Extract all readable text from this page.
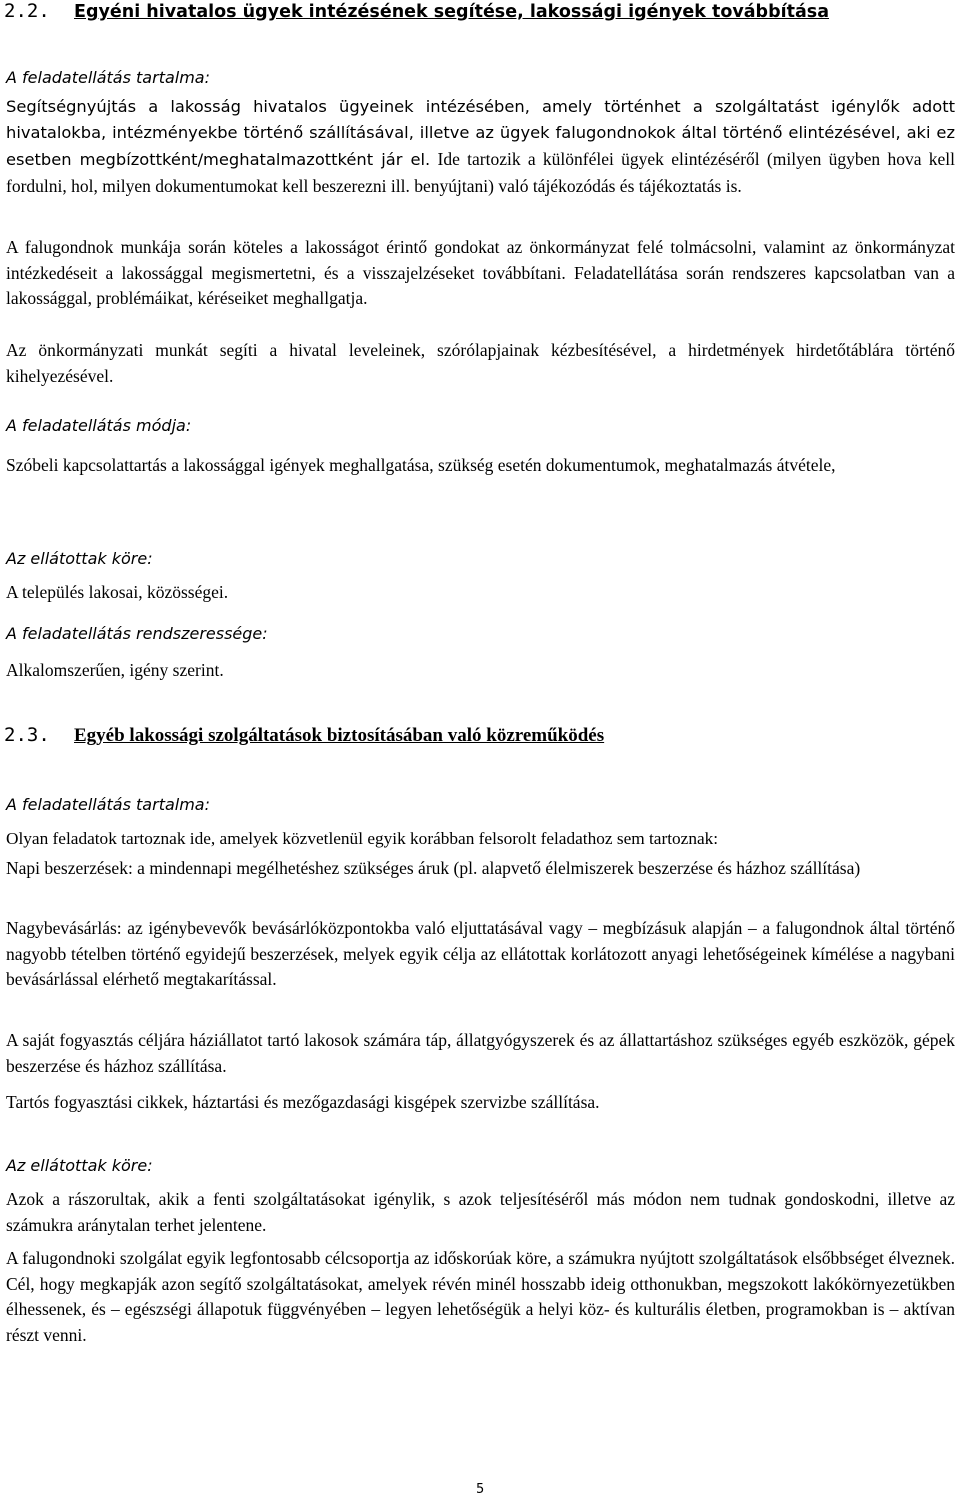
2.2. Egyéni hivatalos ügyek intézésének segítése, lakossági igények továbbítása
A feladatellátás tartalma:
Segítségnyújtás a lakosság hivatalos ügyeinek intézésében, amely történhet a szolgáltatást igénylők adott hivatalokba, intézményekbe történő szállításával, illetve az ügyek falugondnokok által történő elintézésével, aki ez esetben megbízottként/meghatalmazottként jár el. Ide tartozik a különfélei ügyek elintézéséről (milyen ügyben hova kell fordulni, hol, milyen dokumentumokat kell beszerezni ill. benyújtani) való tájékozódás és tájékoztatás is.
A falugondnok munkája során köteles a lakosságot érintő gondokat az önkormányzat felé tolmácsolni, valamint az önkormányzat intézkedéseit a lakossággal megismertetni, és a visszajelzéseket továbbítani. Feladatellátása során rendszeres kapcsolatban van a lakossággal, problémáikat, kéréseiket meghallgatja.
Az önkormányzati munkát segíti a hivatal leveleinek, szórólapjainak kézbesítésével, a hirdetmények hirdetőtáblára történő kihelyezésével.
A feladatellátás módja:
Szóbeli kapcsolattartás a lakossággal igények meghallgatása, szükség esetén dokumentumok, meghatalmazás átvétele,
Az ellátottak köre:
A település lakosai, közösségei.
A feladatellátás rendszeressége:
Alkalomszerűen, igény szerint.
2.3. Egyéb lakossági szolgáltatások biztosításában való közreműködés
A feladatellátás tartalma:
Olyan feladatok tartoznak ide, amelyek közvetlenül egyik korábban felsorolt feladathoz sem tartoznak:
Napi beszerzések: a mindennapi megélhetéshez szükséges áruk (pl. alapvető élelmiszerek beszerzése és házhoz szállítása)
Nagybevásárlás: az igénybevevők bevásárlóközpontokba való eljuttatásával vagy – megbízásuk alapján – a falugondnok által történő nagyobb tételben történő egyidejű beszerzések, melyek egyik célja az ellátottak korlátozott anyagi lehetőségeinek kímélése a nagybani bevásárlással elérhető megtakarítással.
A saját fogyasztás céljára háziállatot tartó lakosok számára táp, állatgyógyszerek és az állattartáshoz szükséges egyéb eszközök, gépek beszerzése és házhoz szállítása.
Tartós fogyasztási cikkek, háztartási és mezőgazdasági kisgépek szervizbe szállítása.
Az ellátottak köre:
Azok a rászorultak, akik a fenti szolgáltatásokat igénylik, s azok teljesítéséről más módon nem tudnak gondoskodni, illetve az számukra aránytalan terhet jelentene.
A falugondnoki szolgálat egyik legfontosabb célcsoportja az időskorúak köre, a számukra nyújtott szolgáltatások elsőbbséget élveznek. Cél, hogy megkapják azon segítő szolgáltatásokat, amelyek révén minél hosszabb ideig otthonukban, megszokott lakókörnyezetükben élhessenek, és – egészségi állapotuk függvényében – legyen lehetőségük a helyi köz- és kulturális életben, programokban is – aktívan részt venni.
5
